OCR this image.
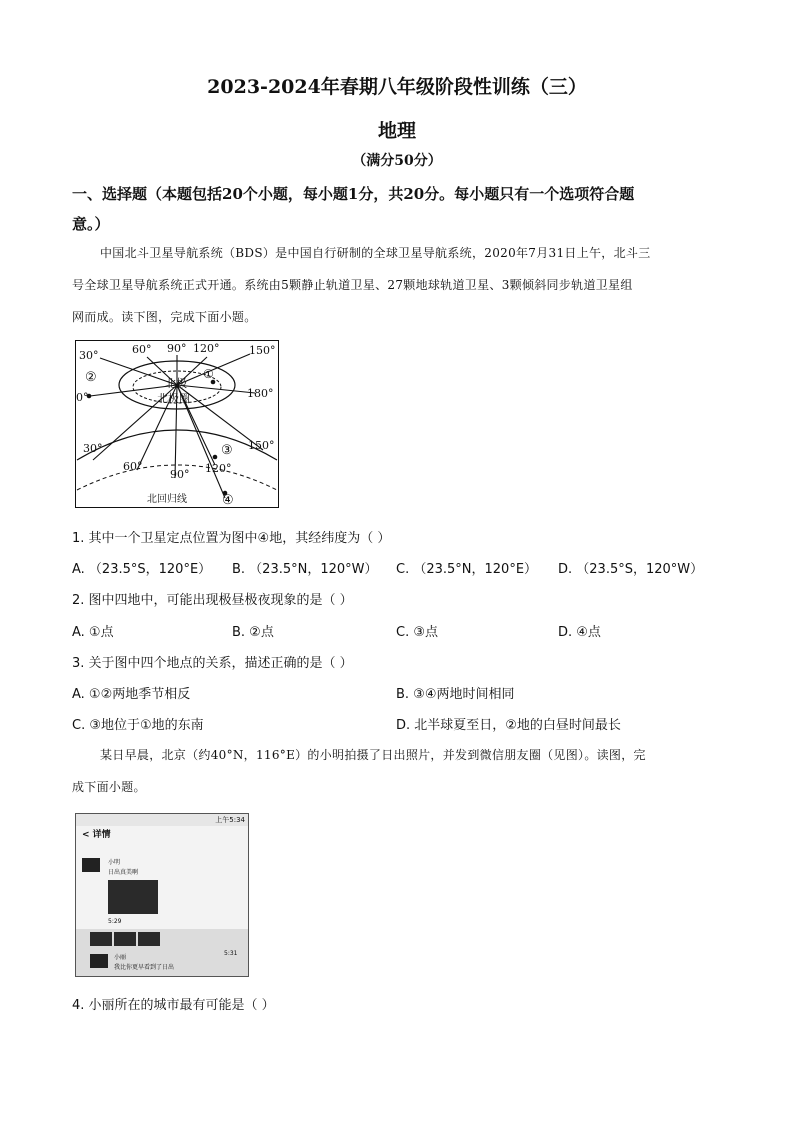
2023-2024年春期八年级阶段性训练（三）
地理
（满分50分）
一、选择题（本题包括20个小题，每小题1分，共20分。每小题只有一个选项符合题
意。）
中国北斗卫星导航系统（BDS）是中国自行研制的全球卫星导航系统，2020年7月31日上午，北斗三
号全球卫星导航系统正式开通。系统由5颗静止轨道卫星、27颗地球轨道卫星、3颗倾斜同步轨道卫星组
网而成。读下图，完成下面小题。
30°	60° 90° 120°	150°
0°	180°
30°
60°
90° 120°
150°
北极
北极圈
北回归线
①
②
③
④
1. 其中一个卫星定点位置为图中④地，其经纬度为（ ）
A. （23.5°S，120°E） B. （23.5°N，120°W） C. （23.5°N，120°E） D. （23.5°S，120°W）
2. 图中四地中，可能出现极昼极夜现象的是（ ）
A. ①点	B. ②点	C. ③点	D. ④点
3. 关于图中四个地点的关系，描述正确的是（ ）
A. ①②两地季节相反	B. ③④两地时间相同
C. ③地位于①地的东南	D. 北半球夏至日，②地的白昼时间最长
某日早晨，北京（约40°N，116°E）的小明拍摄了日出照片，并发到微信朋友圈（见图）。读图，完
成下面小题。
上午5:34
< 详情
小明
日出真美啊
5:29
小丽
我比你更早看到了日出
5:31
4. 小丽所在的城市最有可能是（ ）
